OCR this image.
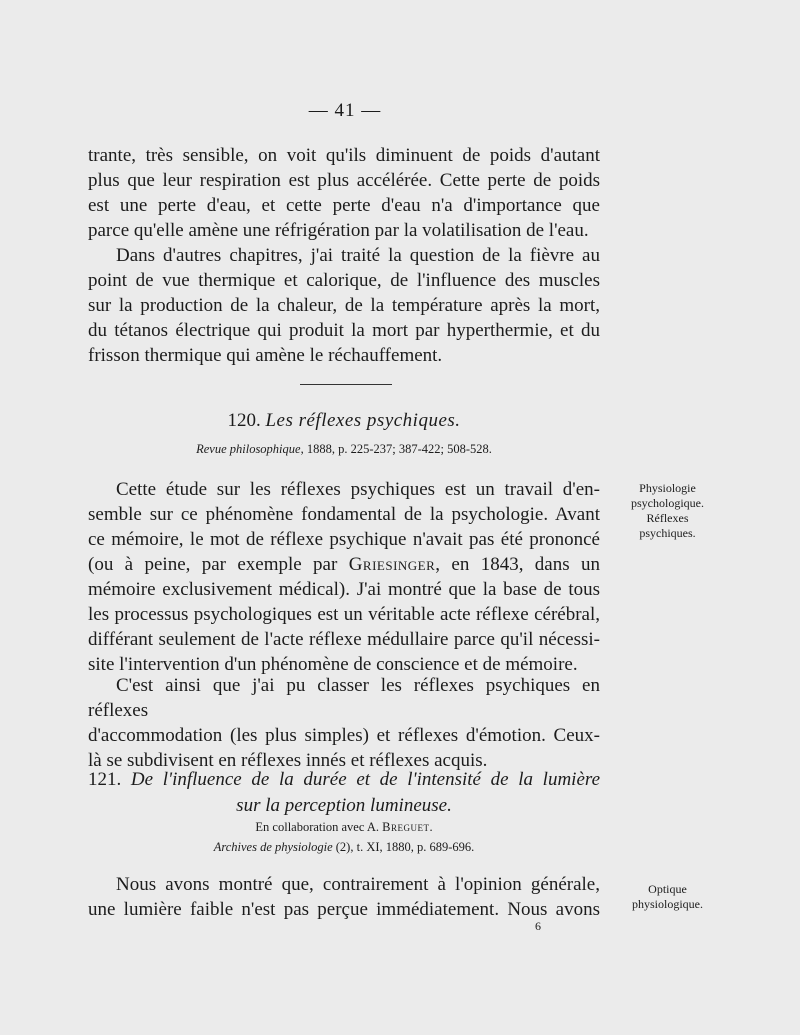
— 41 —

trante, très sensible, on voit qu'ils diminuent de poids d'autant

plus que leur respiration est plus accélérée. Cette perte de poids

est une perte d'eau, et cette perte d'eau n'a d'importance que

parce qu'elle amène une réfrigération par la volatilisation de l'eau.

Dans d'autres chapitres, j'ai traité la question de la fièvre au

point de vue thermique et calorique, de l'influence des muscles

sur la production de la chaleur, de la température après la mort,

du tétanos électrique qui produit la mort par hyperthermie, et du

frisson thermique qui amène le réchauffement.

120. Les réflexes psychiques.
Revue philosophique, 1888, p. 225-237; 387-422; 508-528.

Cette étude sur les réflexes psychiques est un travail d'en-

semble sur ce phénomène fondamental de la psychologie. Avant

ce mémoire, le mot de réflexe psychique n'avait pas été prononcé

(ou à peine, par exemple par Griesinger, en 1843, dans un

mémoire exclusivement médical). J'ai montré que la base de tous

les processus psychologiques est un véritable acte réflexe cérébral,

différant seulement de l'acte réflexe médullaire parce qu'il nécessi-

site l'intervention d'un phénomène de conscience et de mémoire.

C'est ainsi que j'ai pu classer les réflexes psychiques en réflexes

d'accommodation (les plus simples) et réflexes d'émotion. Ceux-

là se subdivisent en réflexes innés et réflexes acquis.

121. De l'influence de la durée et de l'intensité de la lumière
sur la perception lumineuse.
En collaboration avec A. Breguet.
Archives de physiologie (2), t. XI, 1880, p. 689-696.

Nous avons montré que, contrairement à l'opinion générale,

une lumière faible n'est pas perçue immédiatement. Nous avons

Physiologie
psychologique.
Réflexes
psychiques.
Optique
physiologique.
6
